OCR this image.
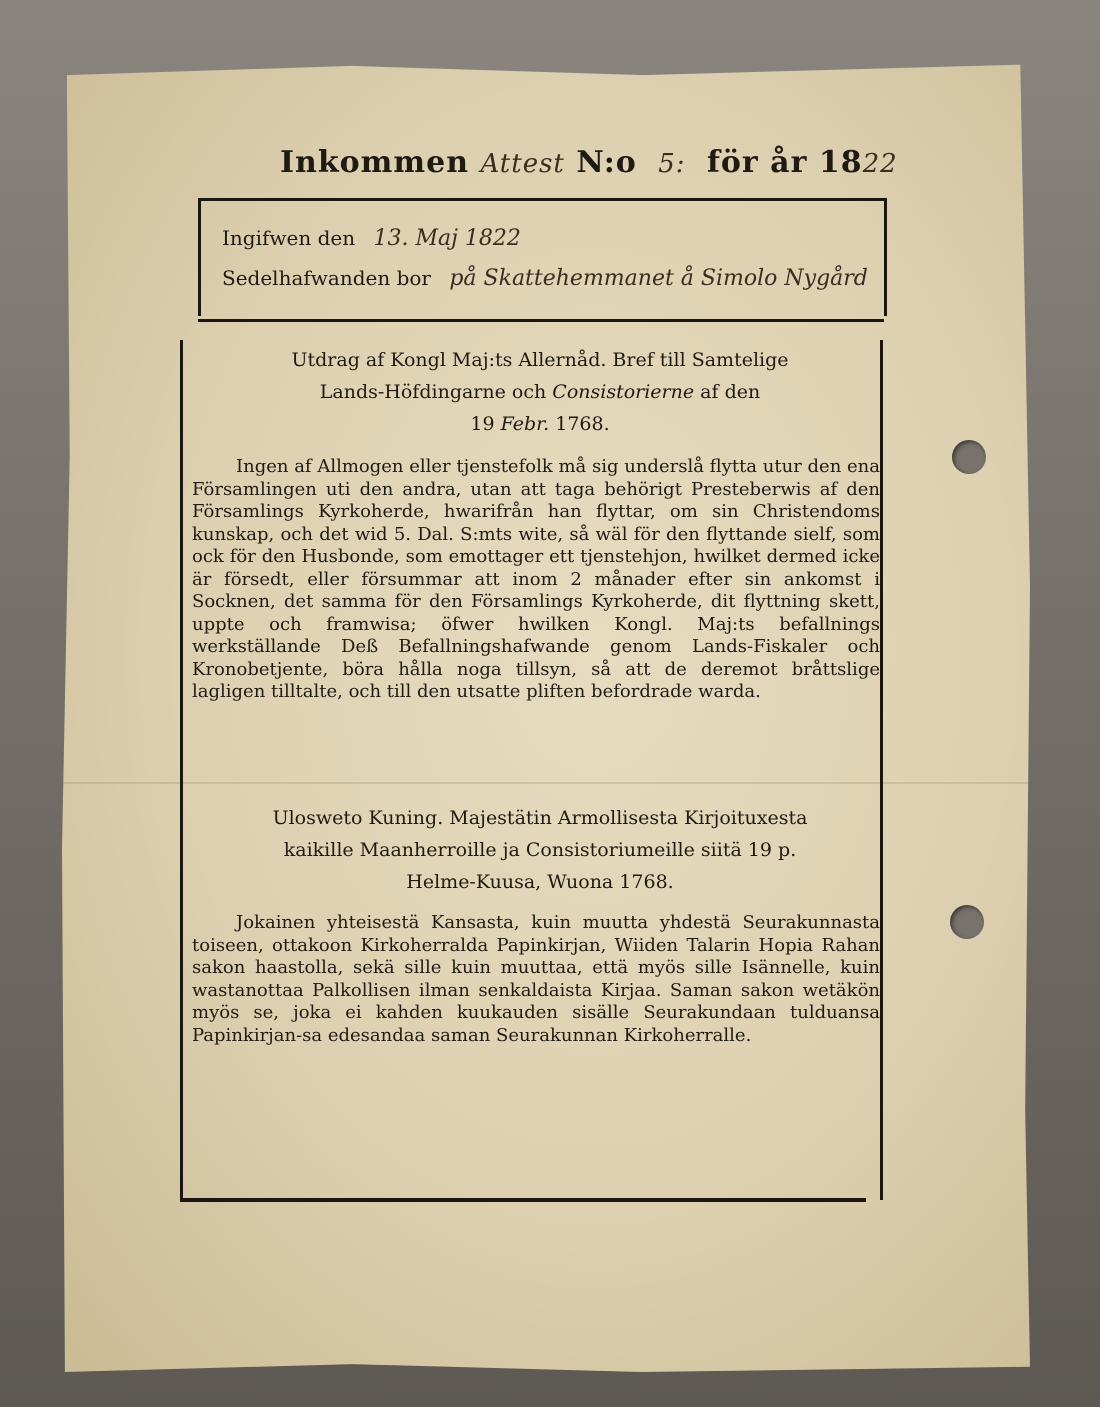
Inkommen Attest N:o 5: för år 1822
Ingifwen den 13. Maj 1822
Sedelhafwanden bor på Skattehemmanet å Simolo Nygård
Utdrag af Kongl Maj:ts Allernåd. Bref till Samtelige
Lands-Höfdingarne och Consistorierne af den
19 Febr. 1768.

Ingen af Allmogen eller tjenstefolk må sig underslå flytta utur den ena Församlingen uti den andra, utan att taga behörigt Presteberwis af den Församlings Kyrkoherde, hwarifrån han flyttar, om sin Christendoms kunskap, och det wid 5. Dal. S:mts wite, så wäl för den flyttande sielf, som ock för den Husbonde, som emottager ett tjenstehjon, hwilket dermed icke är försedt, eller försummar att inom 2 månader efter sin ankomst i Socknen, det samma för den Församlings Kyrkoherde, dit flyttning skett, uppte och framwisa; öfwer hwilken Kongl. Maj:ts befallnings werkställande Deß Befallningshafwande genom Lands-Fiskaler och Kronobetjente, böra hålla noga tillsyn, så att de deremot bråttslige lagligen tilltalte, och till den utsatte pliften befordrade warda.

Ulosweto Kuning. Majestätin Armollisesta Kirjoituxesta
kaikille Maanherroille ja Consistoriumeille siitä 19 p.
Helme-Kuusa, Wuona 1768.

Jokainen yhteisestä Kansasta, kuin muutta yhdestä Seurakunnasta toiseen, ottakoon Kirkoherralda Papinkirjan, Wiiden Talarin Hopia Rahan sakon haastolla, sekä sille kuin muuttaa, että myös sille Isännelle, kuin wastanottaa Palkollisen ilman senkaldaista Kirjaa. Saman sakon wetäkön myös se, joka ei kahden kuukauden sisälle Seurakundaan tulduansa Papinkirjan-sa edesandaa saman Seurakunnan Kirkoherralle.
